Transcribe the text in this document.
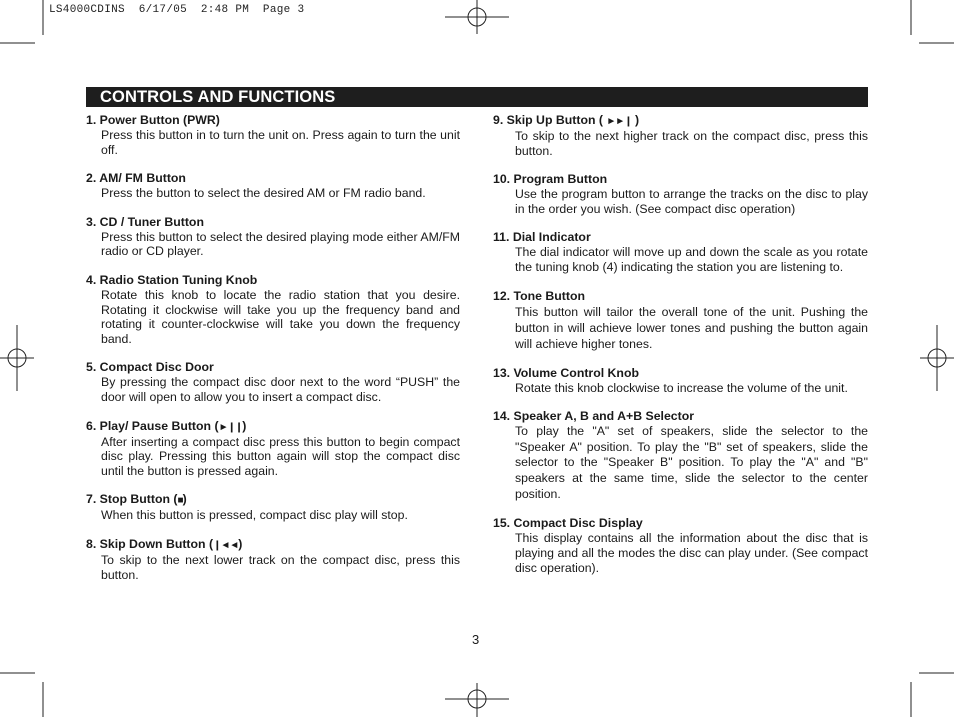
LS4000CDINS  6/17/05  2:48 PM  Page 3
CONTROLS AND FUNCTIONS

1. Power Button (PWR)

Press this button in to turn the unit on. Press again to turn the unit off.

2. AM/ FM Button

Press the button to select the desired AM or FM radio band.

3. CD / Tuner Button

Press this button to select the desired playing mode either AM/FM radio or CD player.

4. Radio Station Tuning Knob

Rotate this knob to locate the radio station that you desire. Rotating it clockwise will take you up the frequency band and rotating it counter-clockwise will take you down the frequency band.

5. Compact Disc Door

By pressing the compact disc door next to the word “PUSH” the door will open to allow you to insert a compact disc.

6. Play/ Pause Button (►❙❙)

After inserting a compact disc press this button to begin compact disc play. Pressing this button again will stop the compact disc until the button is pressed again.

7. Stop Button (■)

When this button is pressed, compact disc play will stop.

8. Skip Down Button (❙◄◄)

To skip to the next lower track on the compact disc, press this button.

9. Skip Up Button ( ►►❙ )

To skip to the next higher track on the compact disc, press this button.

10. Program Button

Use the program button to arrange the tracks on the disc to play in the order you wish. (See compact disc operation)

11. Dial Indicator

The dial indicator will move up and down the scale as you rotate the tuning knob (4) indicating the station you are listening to.

12. Tone Button

This button will tailor the overall tone of the unit. Pushing the button in will achieve lower tones and pushing the button again will achieve higher tones.

13. Volume Control Knob

Rotate this knob clockwise to increase the volume of the unit.

14. Speaker A, B and A+B Selector

To play the "A" set of speakers, slide the selector to the "Speaker A" position. To play the "B" set of speakers, slide the selector to the "Speaker B" position. To play the "A" and "B" speakers at the same time, slide the selector to the center position.

15. Compact Disc Display

This display contains all the information about the disc that is playing and all the modes the disc can play under. (See compact disc operation).

3
